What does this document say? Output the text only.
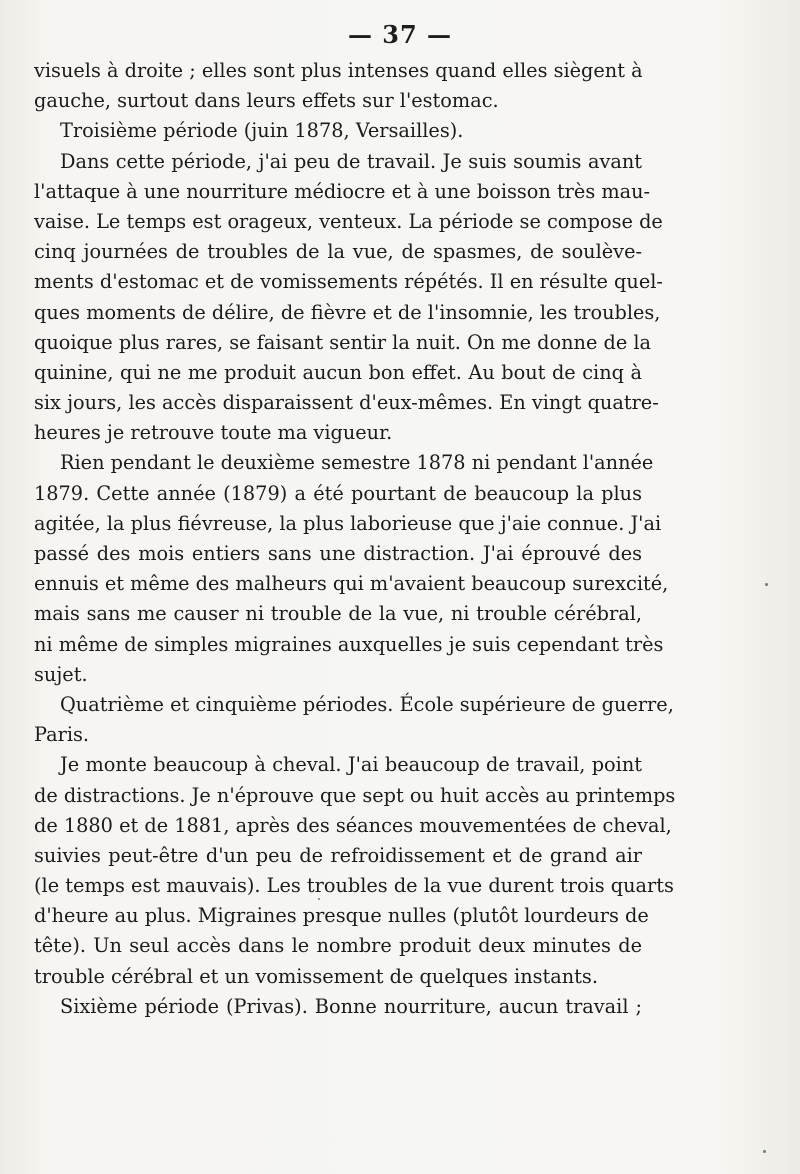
— 37 —
visuels à droite ; elles sont plus intenses quand elles siègent à
gauche, surtout dans leurs effets sur l'estomac.
Troisième période (juin 1878, Versailles).
Dans cette période, j'ai peu de travail. Je suis soumis avant
l'attaque à une nourriture médiocre et à une boisson très mau-
vaise. Le temps est orageux, venteux. La période se compose de
cinq journées de troubles de la vue, de spasmes, de soulève-
ments d'estomac et de vomissements répétés. Il en résulte quel-
ques moments de délire, de fièvre et de l'insomnie, les troubles,
quoique plus rares, se faisant sentir la nuit. On me donne de la
quinine, qui ne me produit aucun bon effet. Au bout de cinq à
six jours, les accès disparaissent d'eux-mêmes. En vingt quatre-
heures je retrouve toute ma vigueur.
Rien pendant le deuxième semestre 1878 ni pendant l'année
1879. Cette année (1879) a été pourtant de beaucoup la plus
agitée, la plus fiévreuse, la plus laborieuse que j'aie connue. J'ai
passé des mois entiers sans une distraction. J'ai éprouvé des
ennuis et même des malheurs qui m'avaient beaucoup surexcité,
mais sans me causer ni trouble de la vue, ni trouble cérébral,
ni même de simples migraines auxquelles je suis cependant très
sujet.
Quatrième et cinquième périodes. École supérieure de guerre,
Paris.
Je monte beaucoup à cheval. J'ai beaucoup de travail, point
de distractions. Je n'éprouve que sept ou huit accès au printemps
de 1880 et de 1881, après des séances mouvementées de cheval,
suivies peut-être d'un peu de refroidissement et de grand air
(le temps est mauvais). Les troubles de la vue durent trois quarts
d'heure au plus. Migraines presque nulles (plutôt lourdeurs de
tête). Un seul accès dans le nombre produit deux minutes de
trouble cérébral et un vomissement de quelques instants.
Sixième période (Privas). Bonne nourriture, aucun travail ;
